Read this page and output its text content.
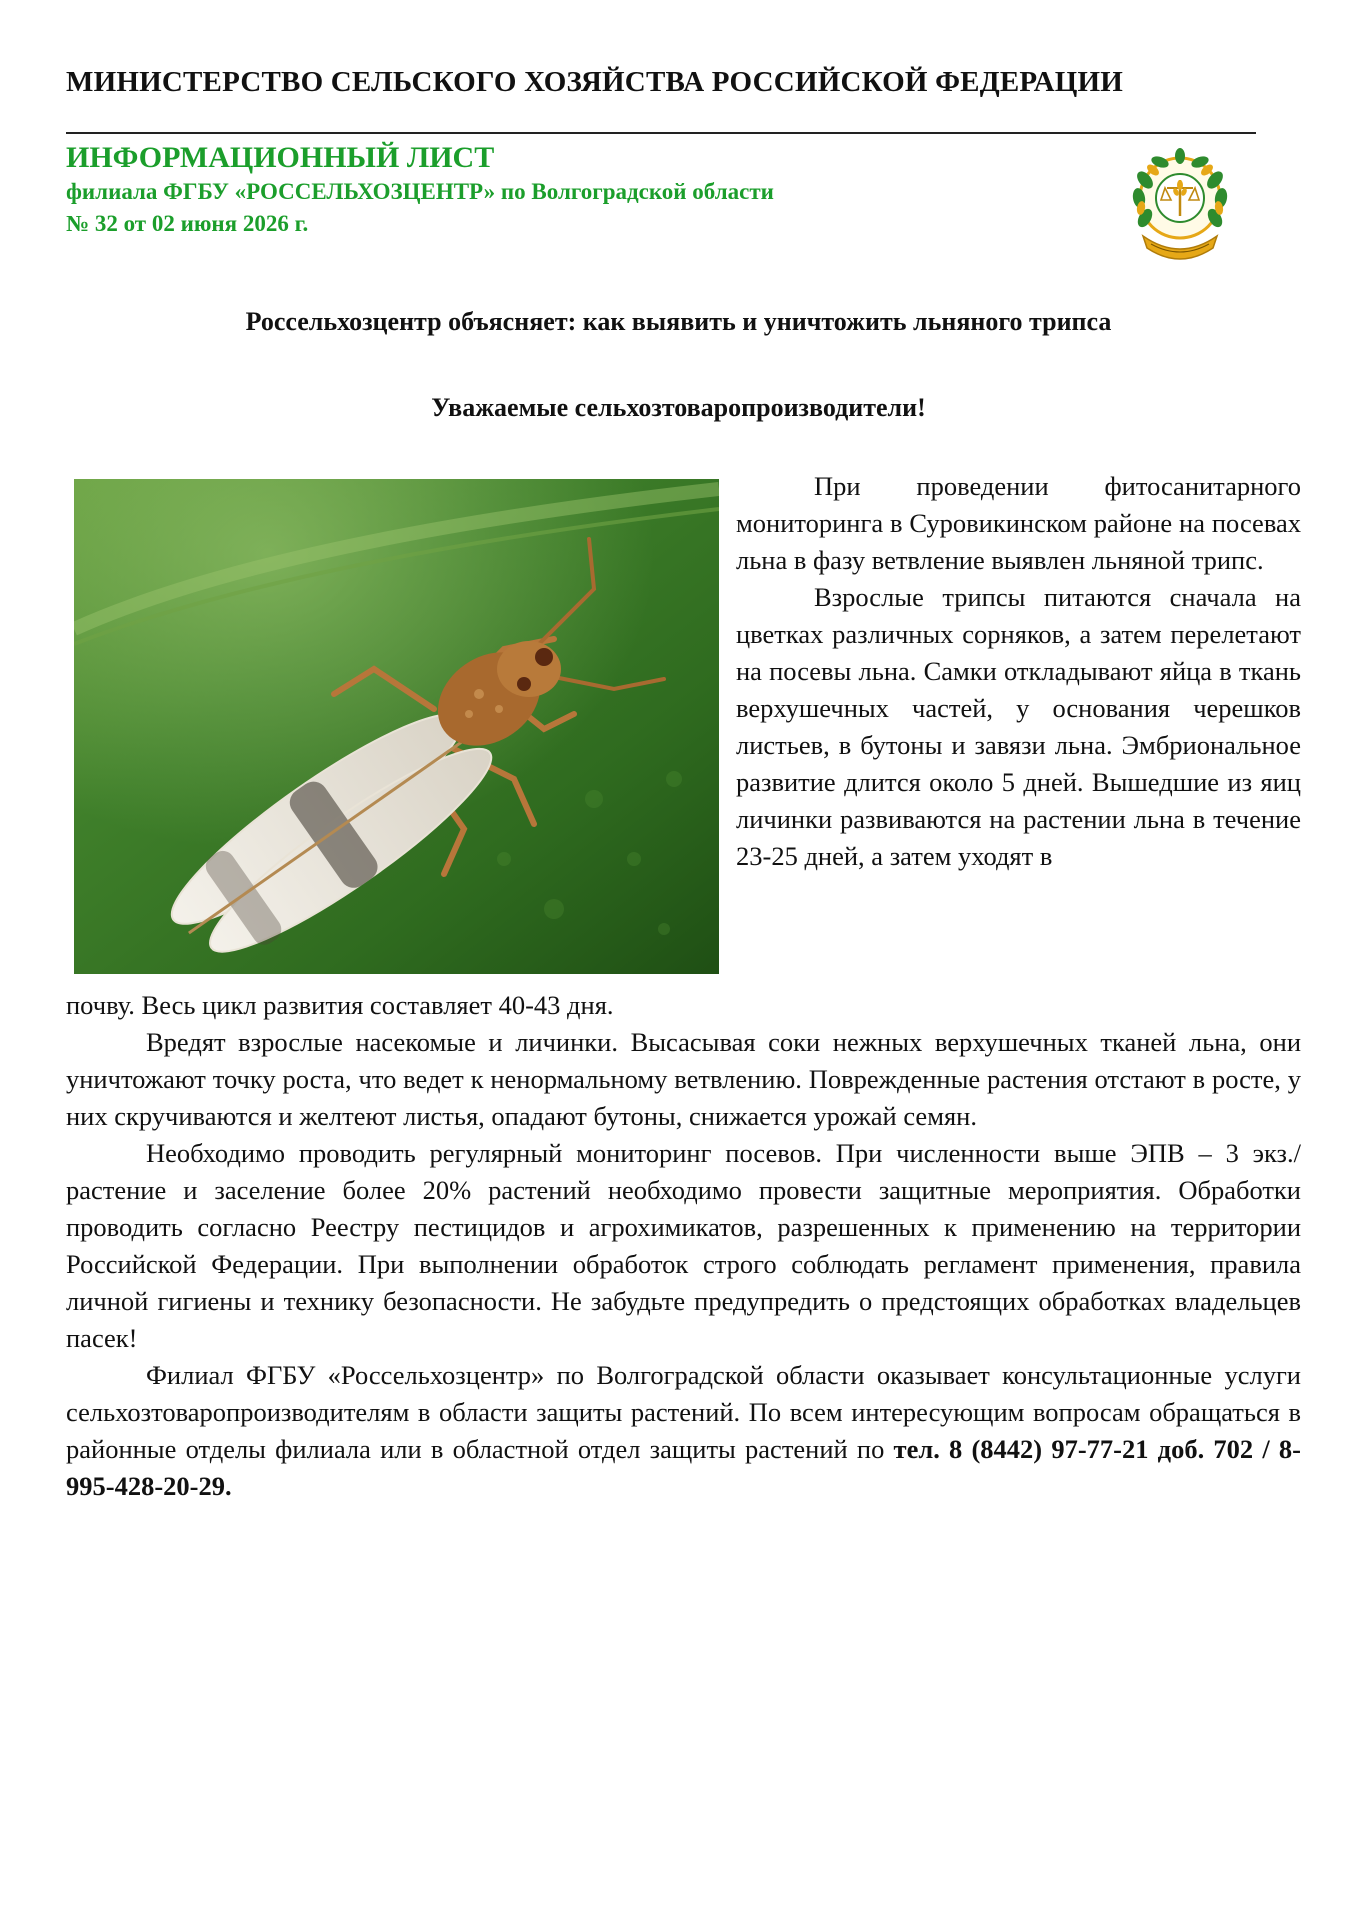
МИНИСТЕРСТВО СЕЛЬСКОГО ХОЗЯЙСТВА РОССИЙСКОЙ ФЕДЕРАЦИИ
ИНФОРМАЦИОННЫЙ ЛИСТ
филиала ФГБУ «РОССЕЛЬХОЗЦЕНТР» по Волгоградской области
№ 32 от 02 июня 2026 г.
Россельхозцентр объясняет: как выявить и уничтожить льняного трипса
Уважаемые сельхозтоваропроизводители!

При проведении фитосанитарного мониторинга в Суровикинском районе на посевах льна в фазу ветвление выявлен льняной трипс.

Взрослые трипсы питаются сначала на цветках различных сорняков, а затем перелетают на посевы льна. Самки откладывают яйца в ткань верхушечных частей, у основания черешков листьев, в бутоны и завязи льна. Эмбриональное развитие длится около 5 дней. Вышедшие из яиц личинки развиваются на растении льна в течение 23-25 дней, а затем уходят в

почву. Весь цикл развития составляет 40-43 дня.

Вредят взрослые насекомые и личинки. Высасывая соки нежных верхушечных тканей льна, они уничтожают точку роста, что ведет к ненормальному ветвлению. Поврежденные растения отстают в росте, у них скручиваются и желтеют листья, опадают бутоны, снижается урожай семян.

Необходимо проводить регулярный мониторинг посевов. При численности выше ЭПВ – 3 экз./растение и заселение более 20% растений необходимо провести защитные мероприятия. Обработки проводить согласно Реестру пестицидов и агрохимикатов, разрешенных к применению на территории Российской Федерации. При выполнении обработок строго соблюдать регламент применения, правила личной гигиены и технику безопасности. Не забудьте предупредить о предстоящих обработках владельцев пасек!

Филиал ФГБУ «Россельхозцентр» по Волгоградской области оказывает консультационные услуги сельхозтоваропроизводителям в области защиты растений. По всем интересующим вопросам обращаться в районные отделы филиала или в областной отдел защиты растений по тел. 8 (8442) 97-77-21 доб. 702 / 8-995-428-20-29.
